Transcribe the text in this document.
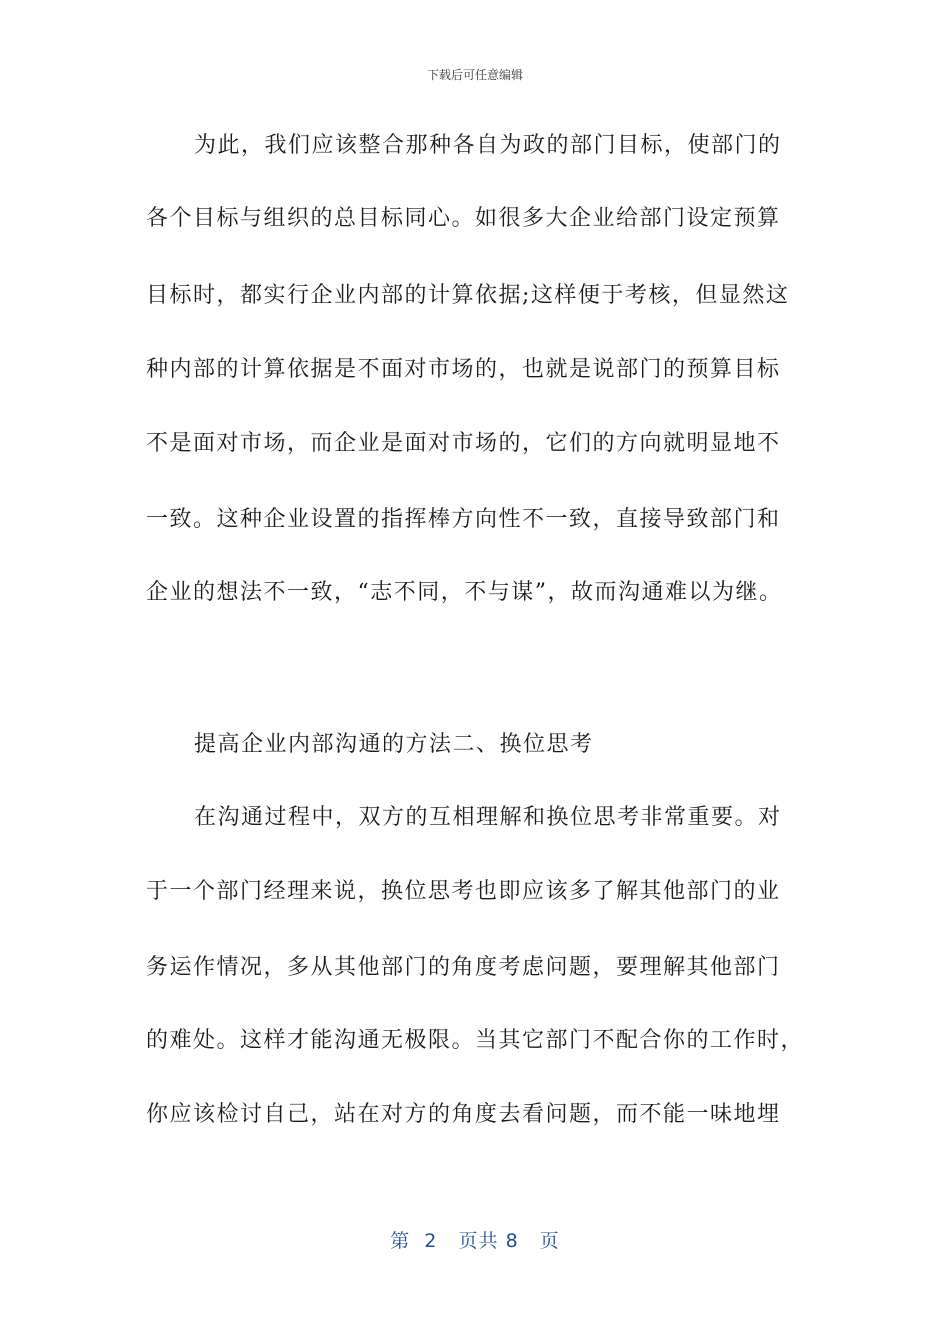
下载后可任意编辑
为此，我们应该整合那种各自为政的部门目标，使部门的
各个目标与组织的总目标同心。如很多大企业给部门设定预算
目标时，都实行企业内部的计算依据;这样便于考核，但显然这
种内部的计算依据是不面对市场的，也就是说部门的预算目标
不是面对市场，而企业是面对市场的，它们的方向就明显地不
一致。这种企业设置的指挥棒方向性不一致，直接导致部门和
企业的想法不一致，“志不同，不与谋”，故而沟通难以为继。
提高企业内部沟通的方法二、换位思考
在沟通过程中，双方的互相理解和换位思考非常重要。对
于一个部门经理来说，换位思考也即应该多了解其他部门的业
务运作情况，多从其他部门的角度考虑问题，要理解其他部门
的难处。这样才能沟通无极限。当其它部门不配合你的工作时，
你应该检讨自己，站在对方的角度去看问题，而不能一味地埋
第 2 页共 8 页
